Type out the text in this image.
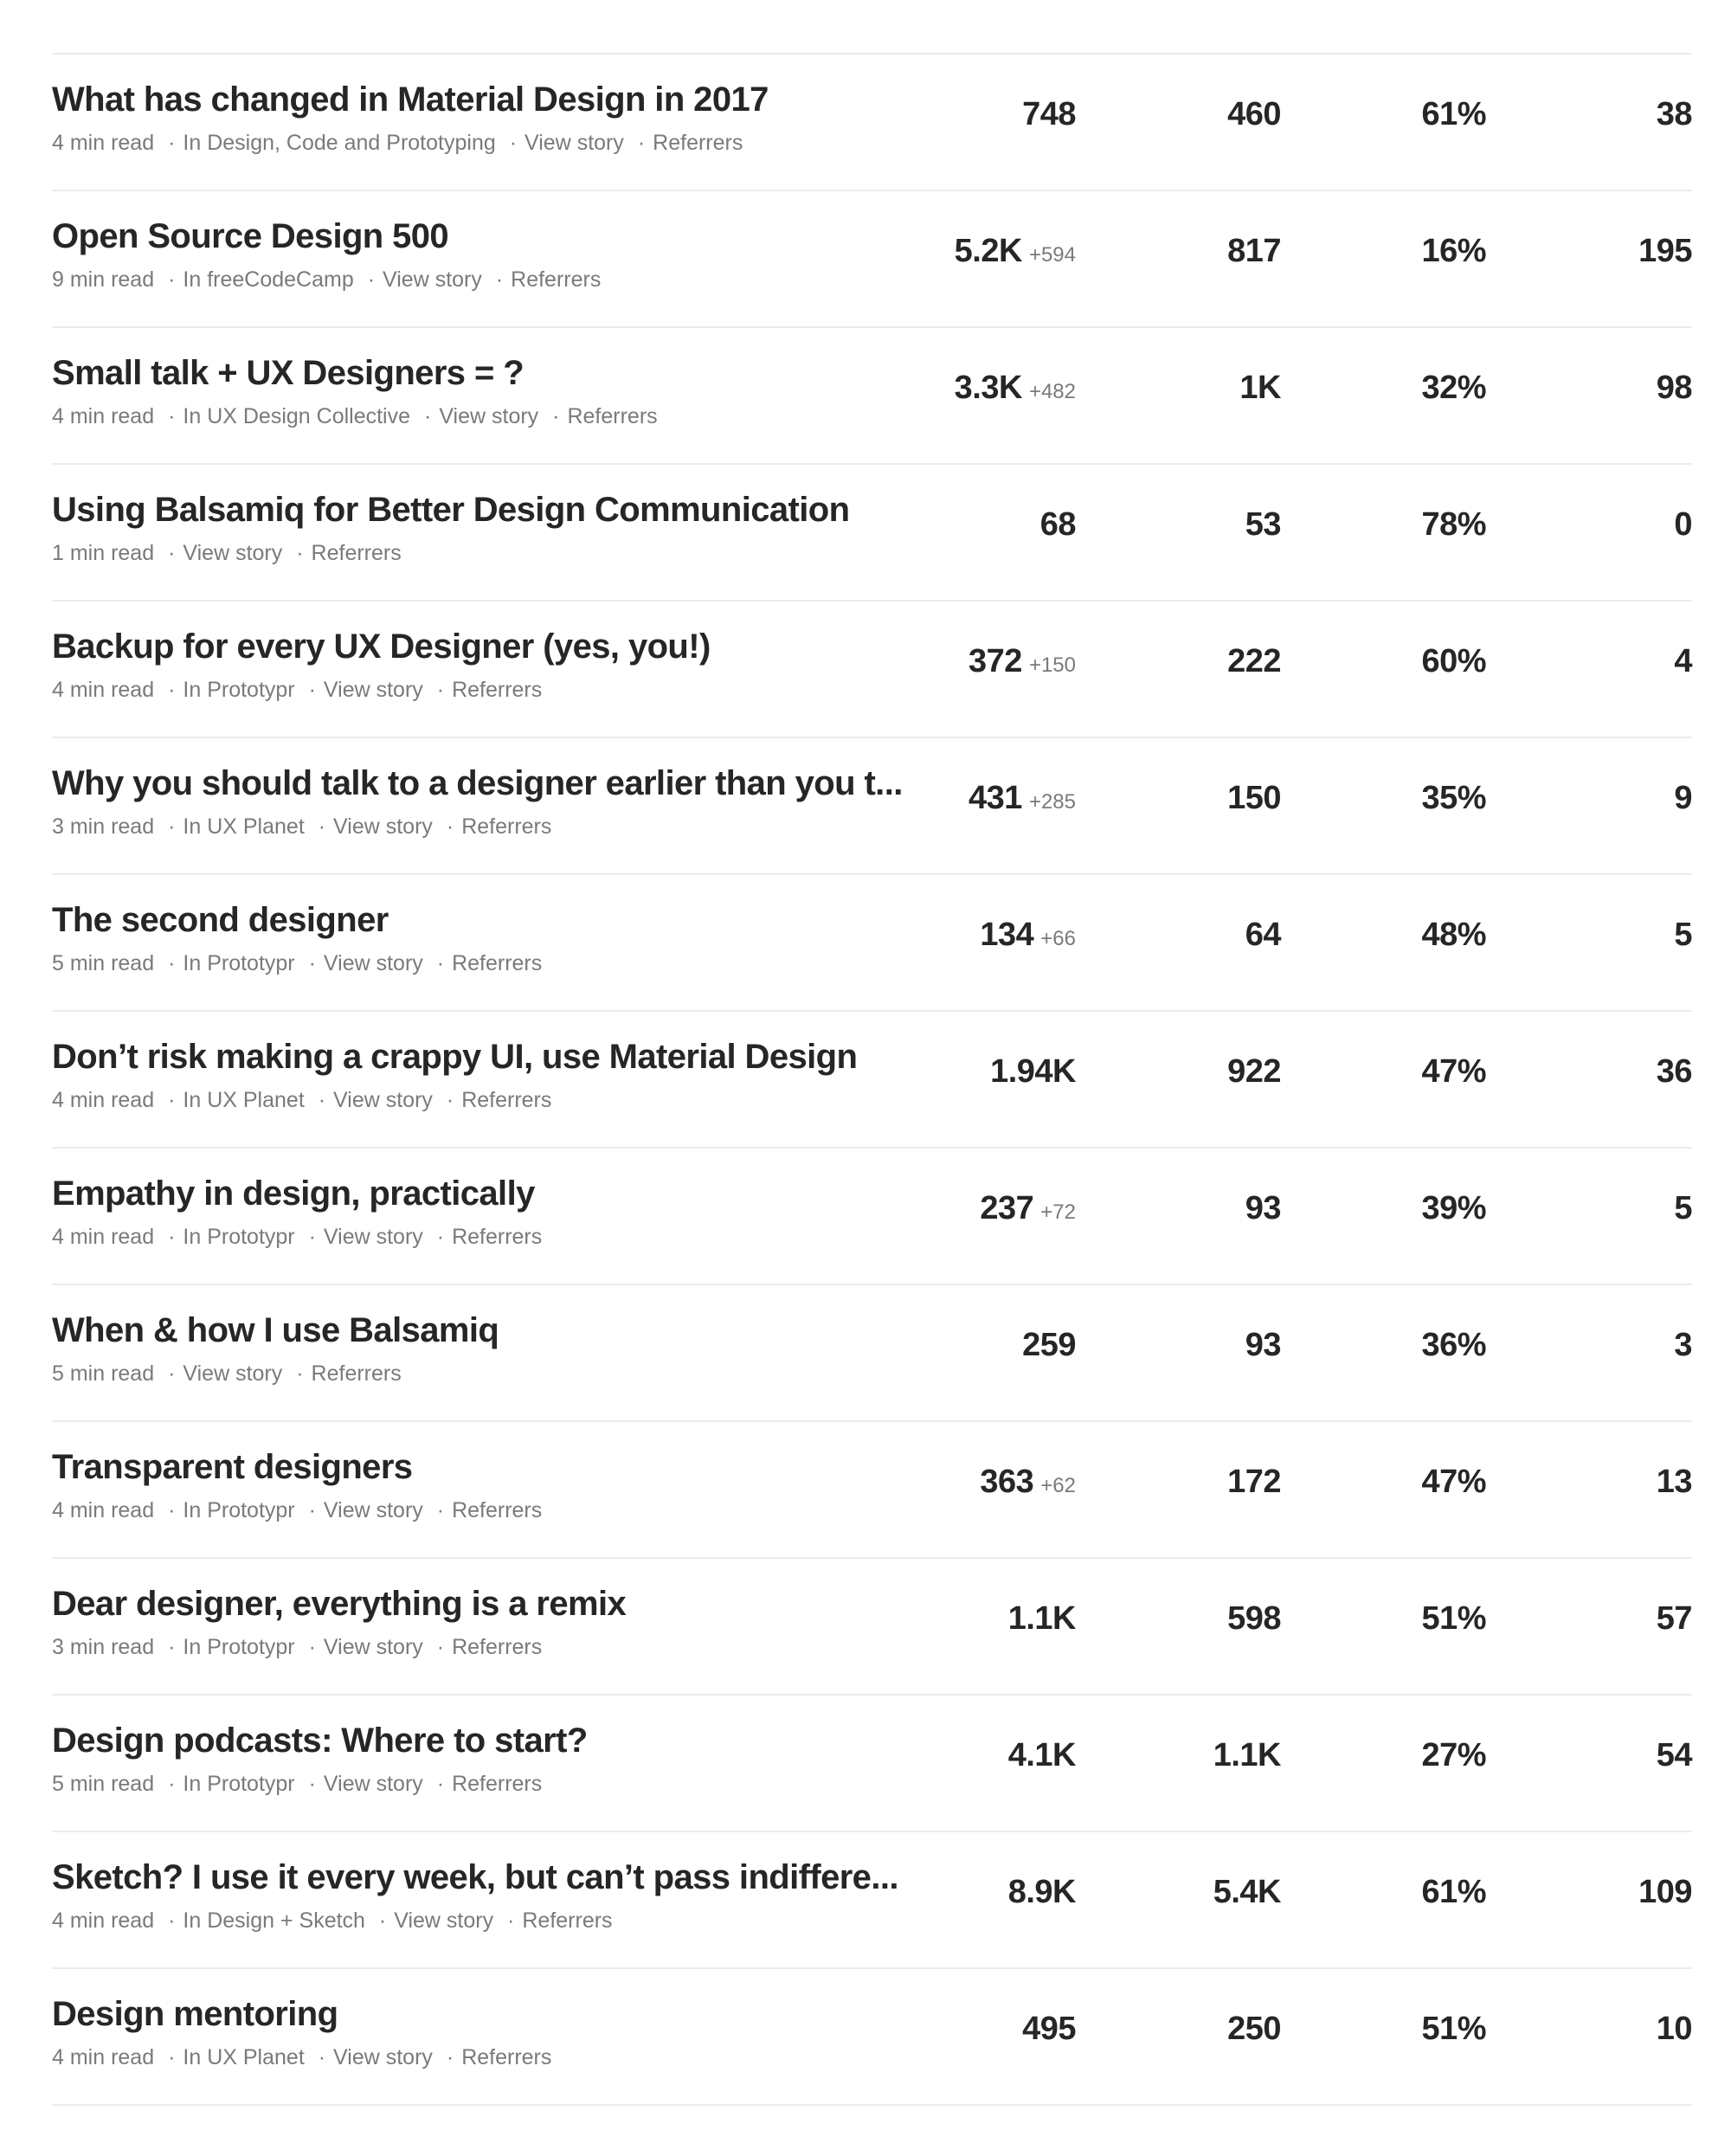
What has changed in Material Design in 2017
4 min read · In Design, Code and Prototyping · View story · Referrers
748	460	61%	38
Open Source Design 500
9 min read · In freeCodeCamp · View story · Referrers
5.2K +594	817	16%	195
Small talk + UX Designers = ?
4 min read · In UX Design Collective · View story · Referrers
3.3K +482	1K	32%	98
Using Balsamiq for Better Design Communication
1 min read · View story · Referrers
68	53	78%	0
Backup for every UX Designer (yes, you!)
4 min read · In Prototypr · View story · Referrers
372 +150	222	60%	4
Why you should talk to a designer earlier than you t...
3 min read · In UX Planet · View story · Referrers
431 +285	150	35%	9
The second designer
5 min read · In Prototypr · View story · Referrers
134 +66	64	48%	5
Don’t risk making a crappy UI, use Material Design
4 min read · In UX Planet · View story · Referrers
1.94K	922	47%	36
Empathy in design, practically
4 min read · In Prototypr · View story · Referrers
237 +72	93	39%	5
When & how I use Balsamiq
5 min read · View story · Referrers
259	93	36%	3
Transparent designers
4 min read · In Prototypr · View story · Referrers
363 +62	172	47%	13
Dear designer, everything is a remix
3 min read · In Prototypr · View story · Referrers
1.1K	598	51%	57
Design podcasts: Where to start?
5 min read · In Prototypr · View story · Referrers
4.1K	1.1K	27%	54
Sketch? I use it every week, but can’t pass indiffere...
4 min read · In Design + Sketch · View story · Referrers
8.9K	5.4K	61%	109
Design mentoring
4 min read · In UX Planet · View story · Referrers
495	250	51%	10
